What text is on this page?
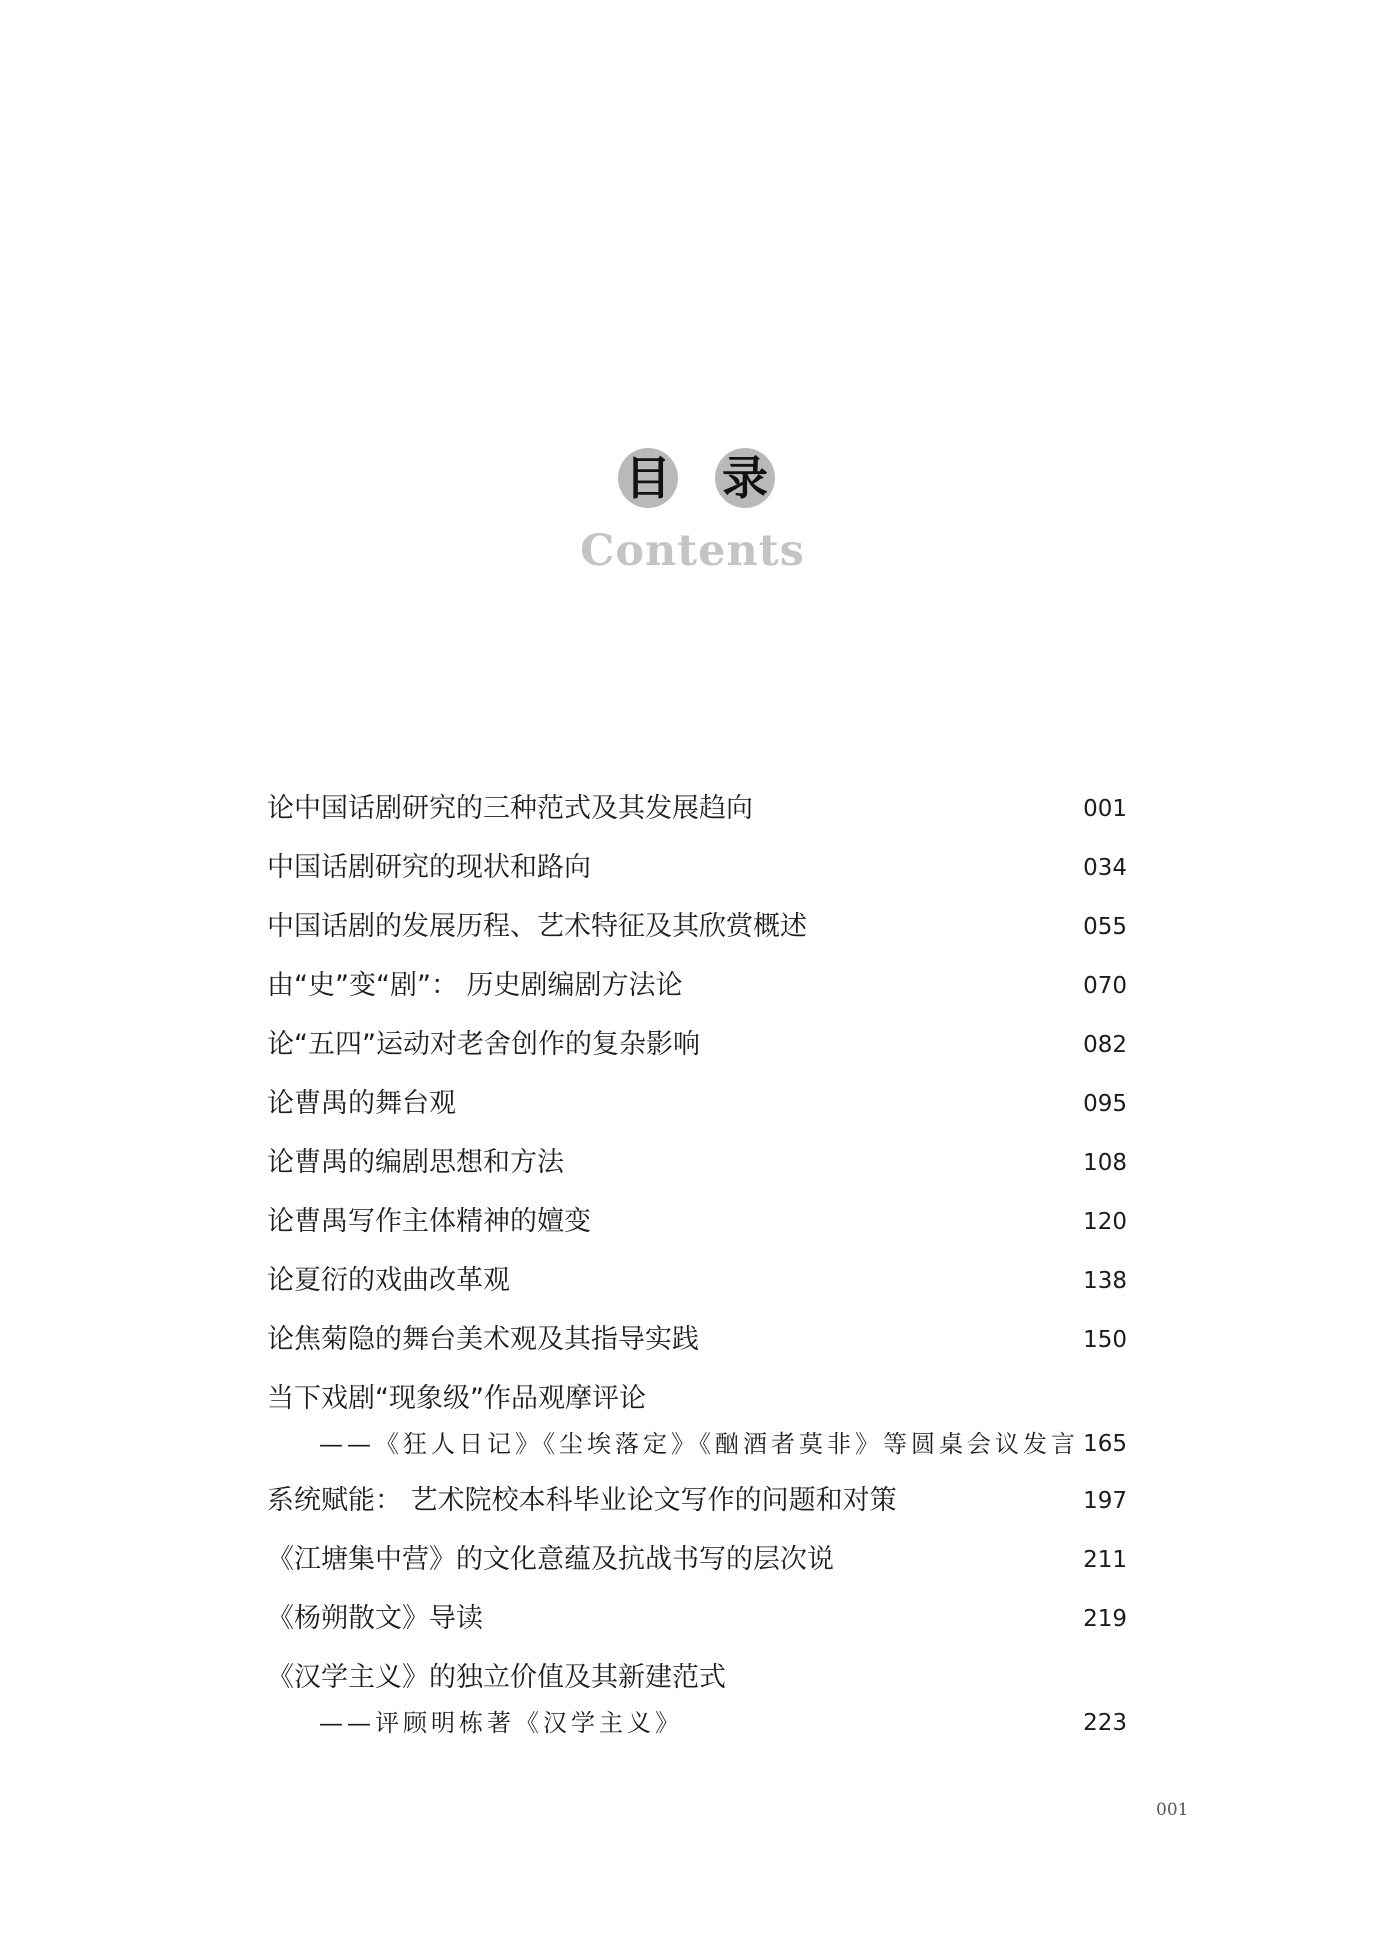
目 录
Contents
论中国话剧研究的三种范式及其发展趋向	001
中国话剧研究的现状和路向	034
中国话剧的发展历程、艺术特征及其欣赏概述	055
由“史”变“剧”： 历史剧编剧方法论	070
论“五四”运动对老舍创作的复杂影响	082
论曹禺的舞台观	095
论曹禺的编剧思想和方法	108
论曹禺写作主体精神的嬗变	120
论夏衍的戏曲改革观	138
论焦菊隐的舞台美术观及其指导实践	150
当下戏剧“现象级”作品观摩评论
——《狂人日记》《尘埃落定》《酗酒者莫非》等圆桌会议发言 165
系统赋能： 艺术院校本科毕业论文写作的问题和对策	197
《江塘集中营》的文化意蕴及抗战书写的层次说	211
《杨朔散文》导读	219
《汉学主义》的独立价值及其新建范式
——评顾明栋著《汉学主义》	223
001
